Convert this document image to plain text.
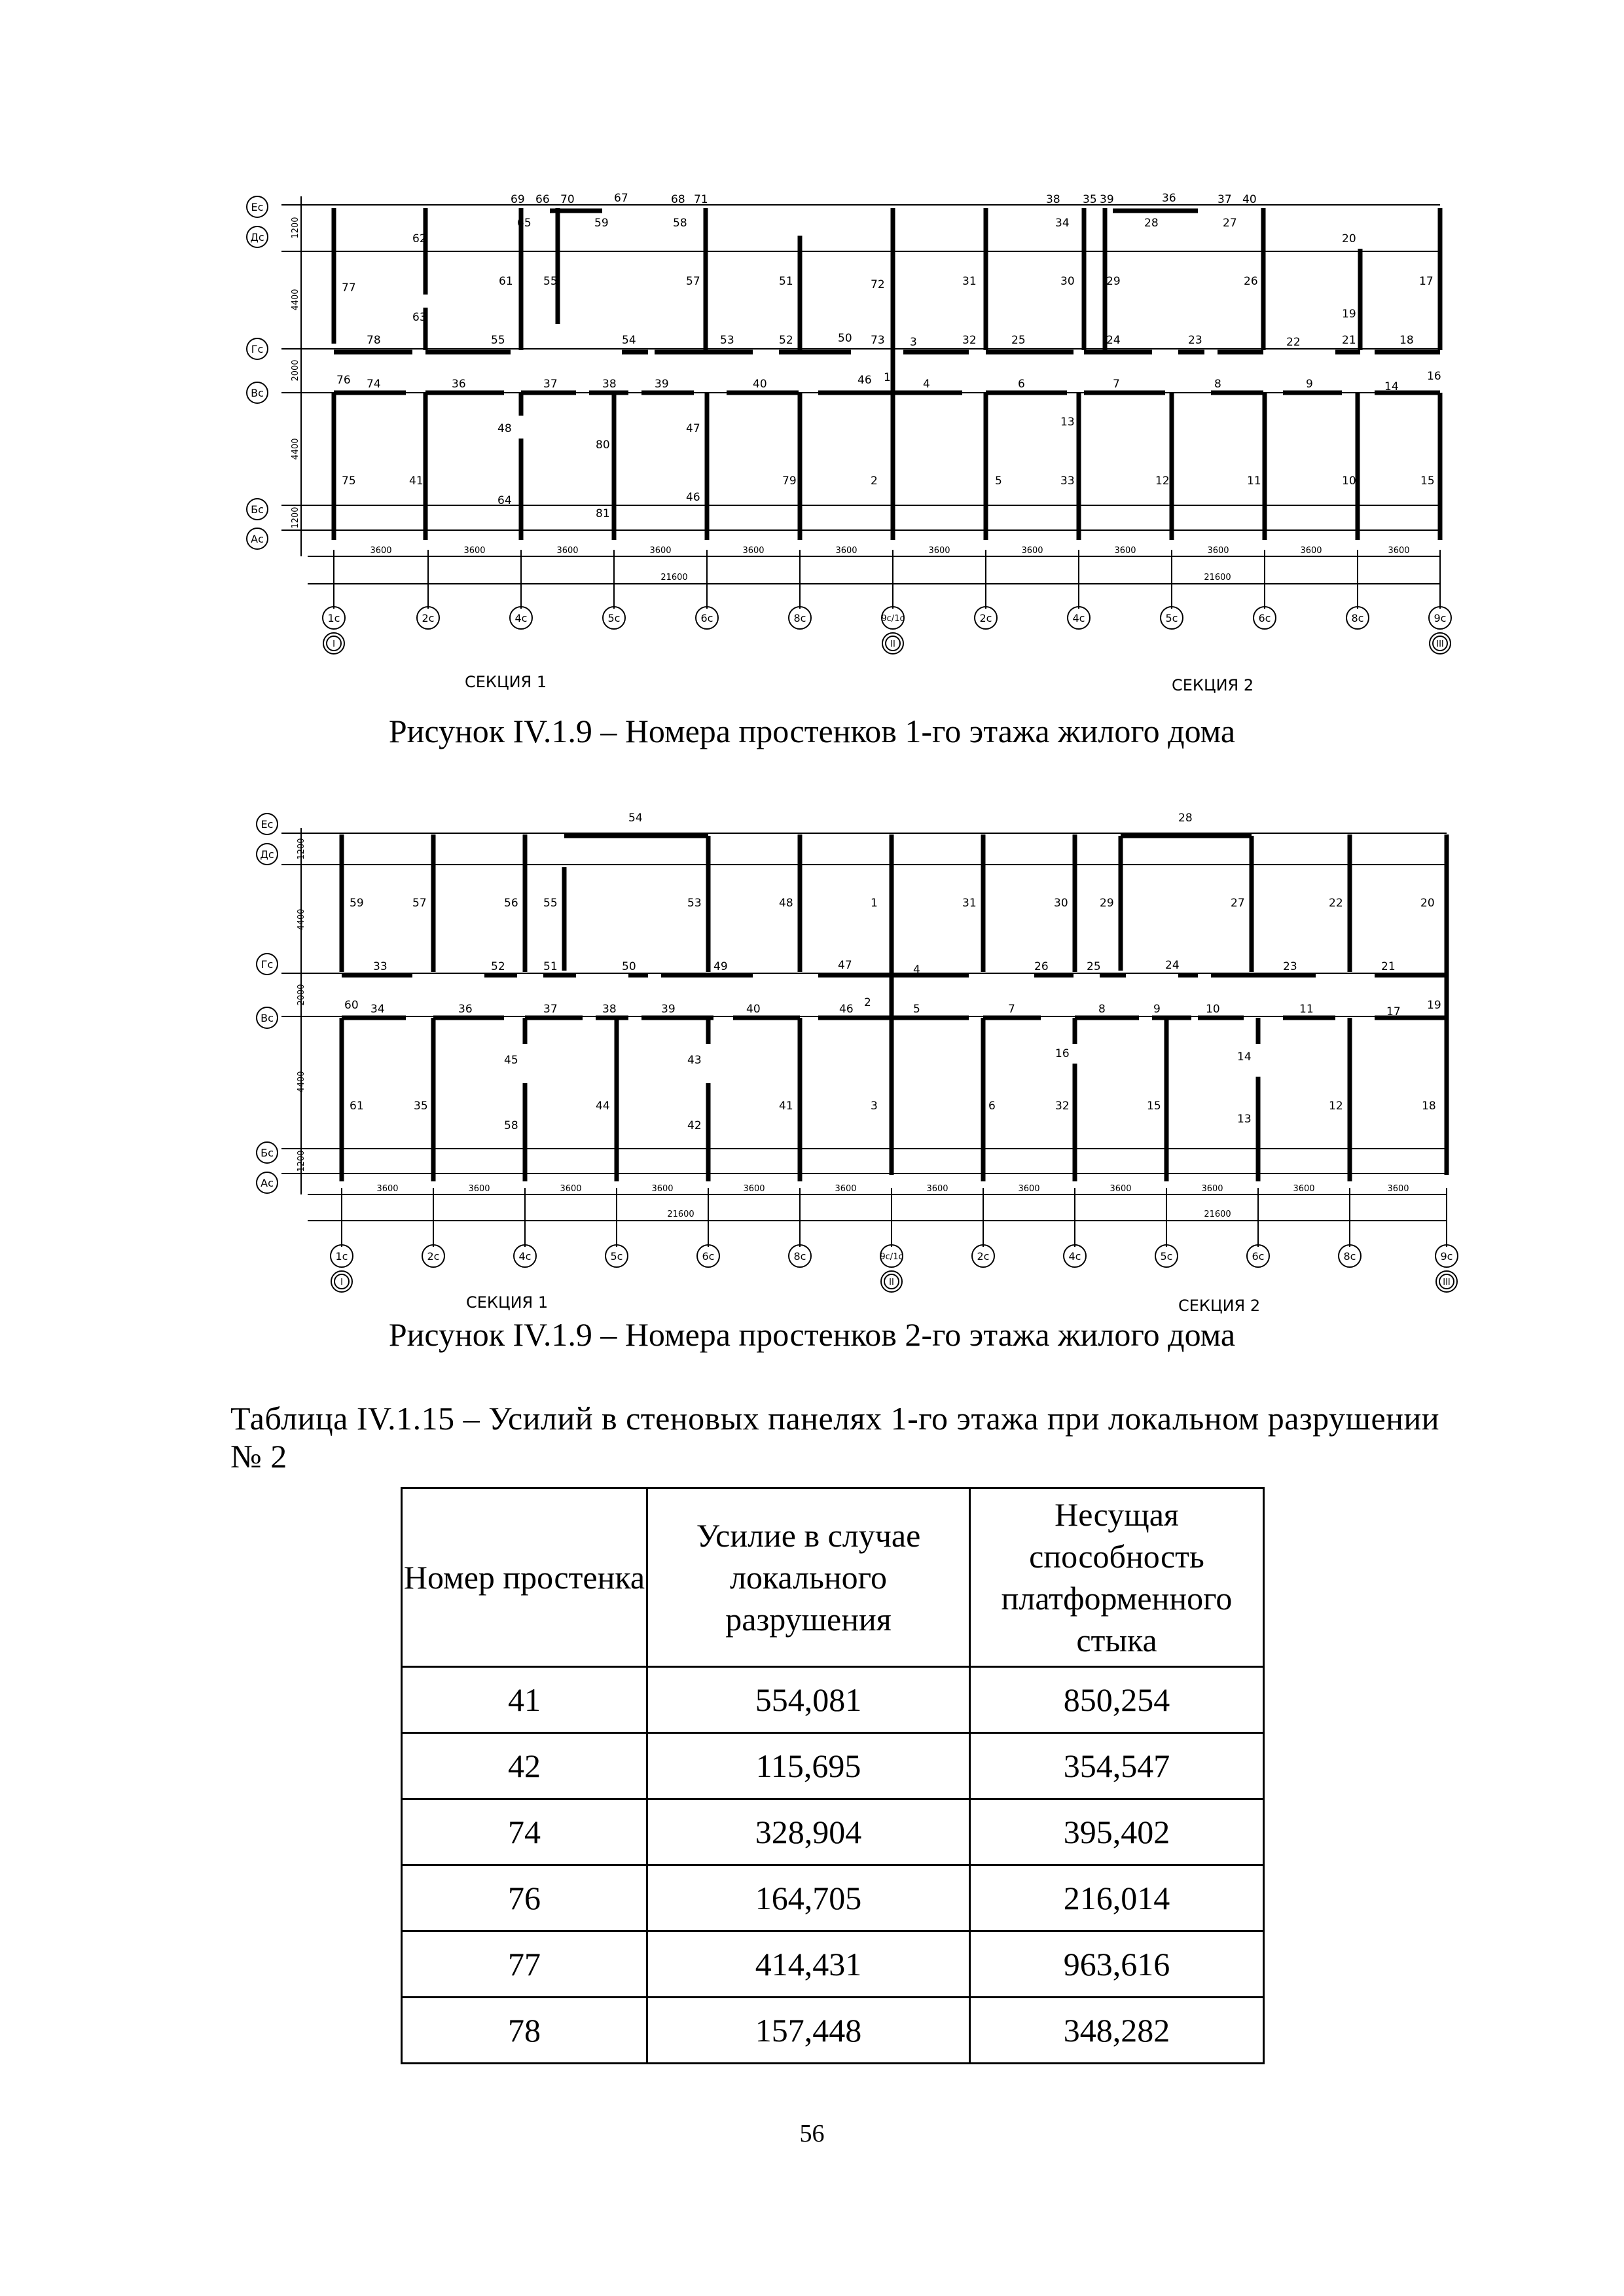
77
62
61	55	57	51	72	31	30	29	26
20
17
78
63
55	54	53	52	50 73 3	32	25	24	23	22
19
21	18
76 74	36	37	38	39	40	46 1	4	6	7	8	9	14
16
48
80
47	13
75	41
64
81
46
79	2	5	33	12	11	10	15
69 66 70	67	68 71
65	59	58
38 35 39	36	37 40
34	28	27
Ес
Дс
Гс
Вс
Бс
Ас
1200
4400
2000
4400
1200
3600	3600	3600	3600	3600	3600	3600	3600	3600	3600	3600	3600
21600	21600
1с	2с	4с	5с	6с	8с	9с/1с	2с	4с	5с	6с	8с	9с
I	II	III
СЕКЦИЯ 1	СЕКЦИЯ 2
Рисунок IV.1.9 – Номера простенков 1-го этажа жилого дома
54	28
59	57	56 55	53	48	1	31	30	29	27	22	20
33	52	51	50	49	47	4	26	25	24	23	21
60 34	36	37	38	39	40	46 2	5	7	8	9	10	11	17 19
45	43	16	14
61	35
58
44
42
41	3	6	32	15
13
12	18
Ес
Дс
Гс
Вс
Бс
Ас
1200
4400
2000
4400
1200
3600	3600	3600	3600	3600	3600	3600	3600	3600	3600	3600	3600
21600	21600
1с	2с	4с	5с	6с	8с	9с/1с	2с	4с	5с	6с	8с	9с
I	II	III
СЕКЦИЯ 1	СЕКЦИЯ 2
Рисунок IV.1.9 – Номера простенков 2-го этажа жилого дома
Таблица IV.1.15 – Усилий в стеновых панелях 1-го этажа при локальном разрушении № 2
Номер простенка	Усилие в случае локального разрушения	Несущая способность платформенного стыка
41	554,081	850,254
42	115,695	354,547
74	328,904	395,402
76	164,705	216,014
77	414,431	963,616
78	157,448	348,282
56
